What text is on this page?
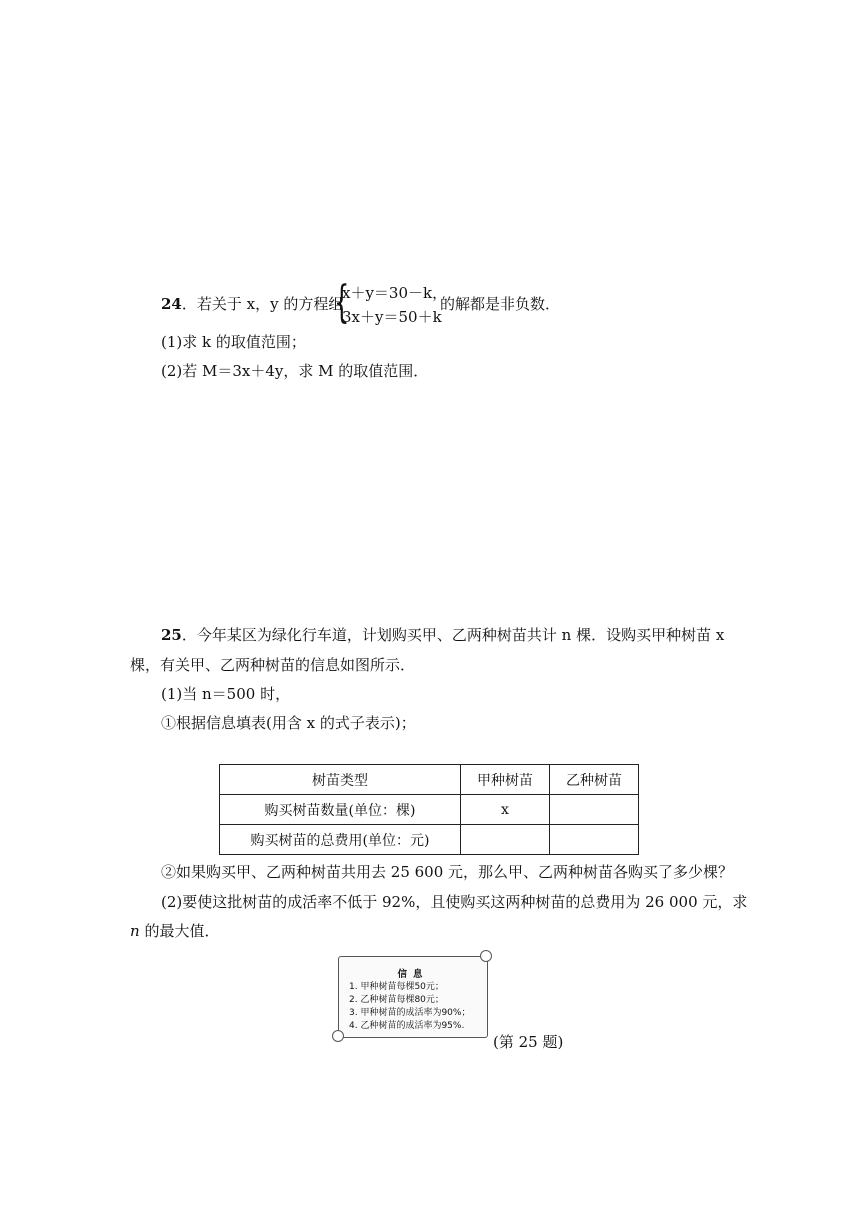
24．若关于 x，y 的方程组
{
x＋y＝30－k，
3x＋y＝50＋k
的解都是非负数．
(1)求 k 的取值范围；
(2)若 M＝3x＋4y，求 M 的取值范围．
25．今年某区为绿化行车道，计划购买甲、乙两种树苗共计 n 棵．设购买甲种树苗 x
棵，有关甲、乙两种树苗的信息如图所示．
(1)当 n＝500 时，
①根据信息填表(用含 x 的式子表示)；
树苗类型	甲种树苗	乙种树苗
购买树苗数量(单位：棵)	x	
购买树苗的总费用(单位：元)		
②如果购买甲、乙两种树苗共用去 25 600 元，那么甲、乙两种树苗各购买了多少棵？
(2)要使这批树苗的成活率不低于 92%，且使购买这两种树苗的总费用为 26 000 元，求
n 的最大值．
信息
1. 甲种树苗每棵50元；
2. 乙种树苗每棵80元；
3. 甲种树苗的成活率为90%；
4. 乙种树苗的成活率为95%.
(第 25 题)
